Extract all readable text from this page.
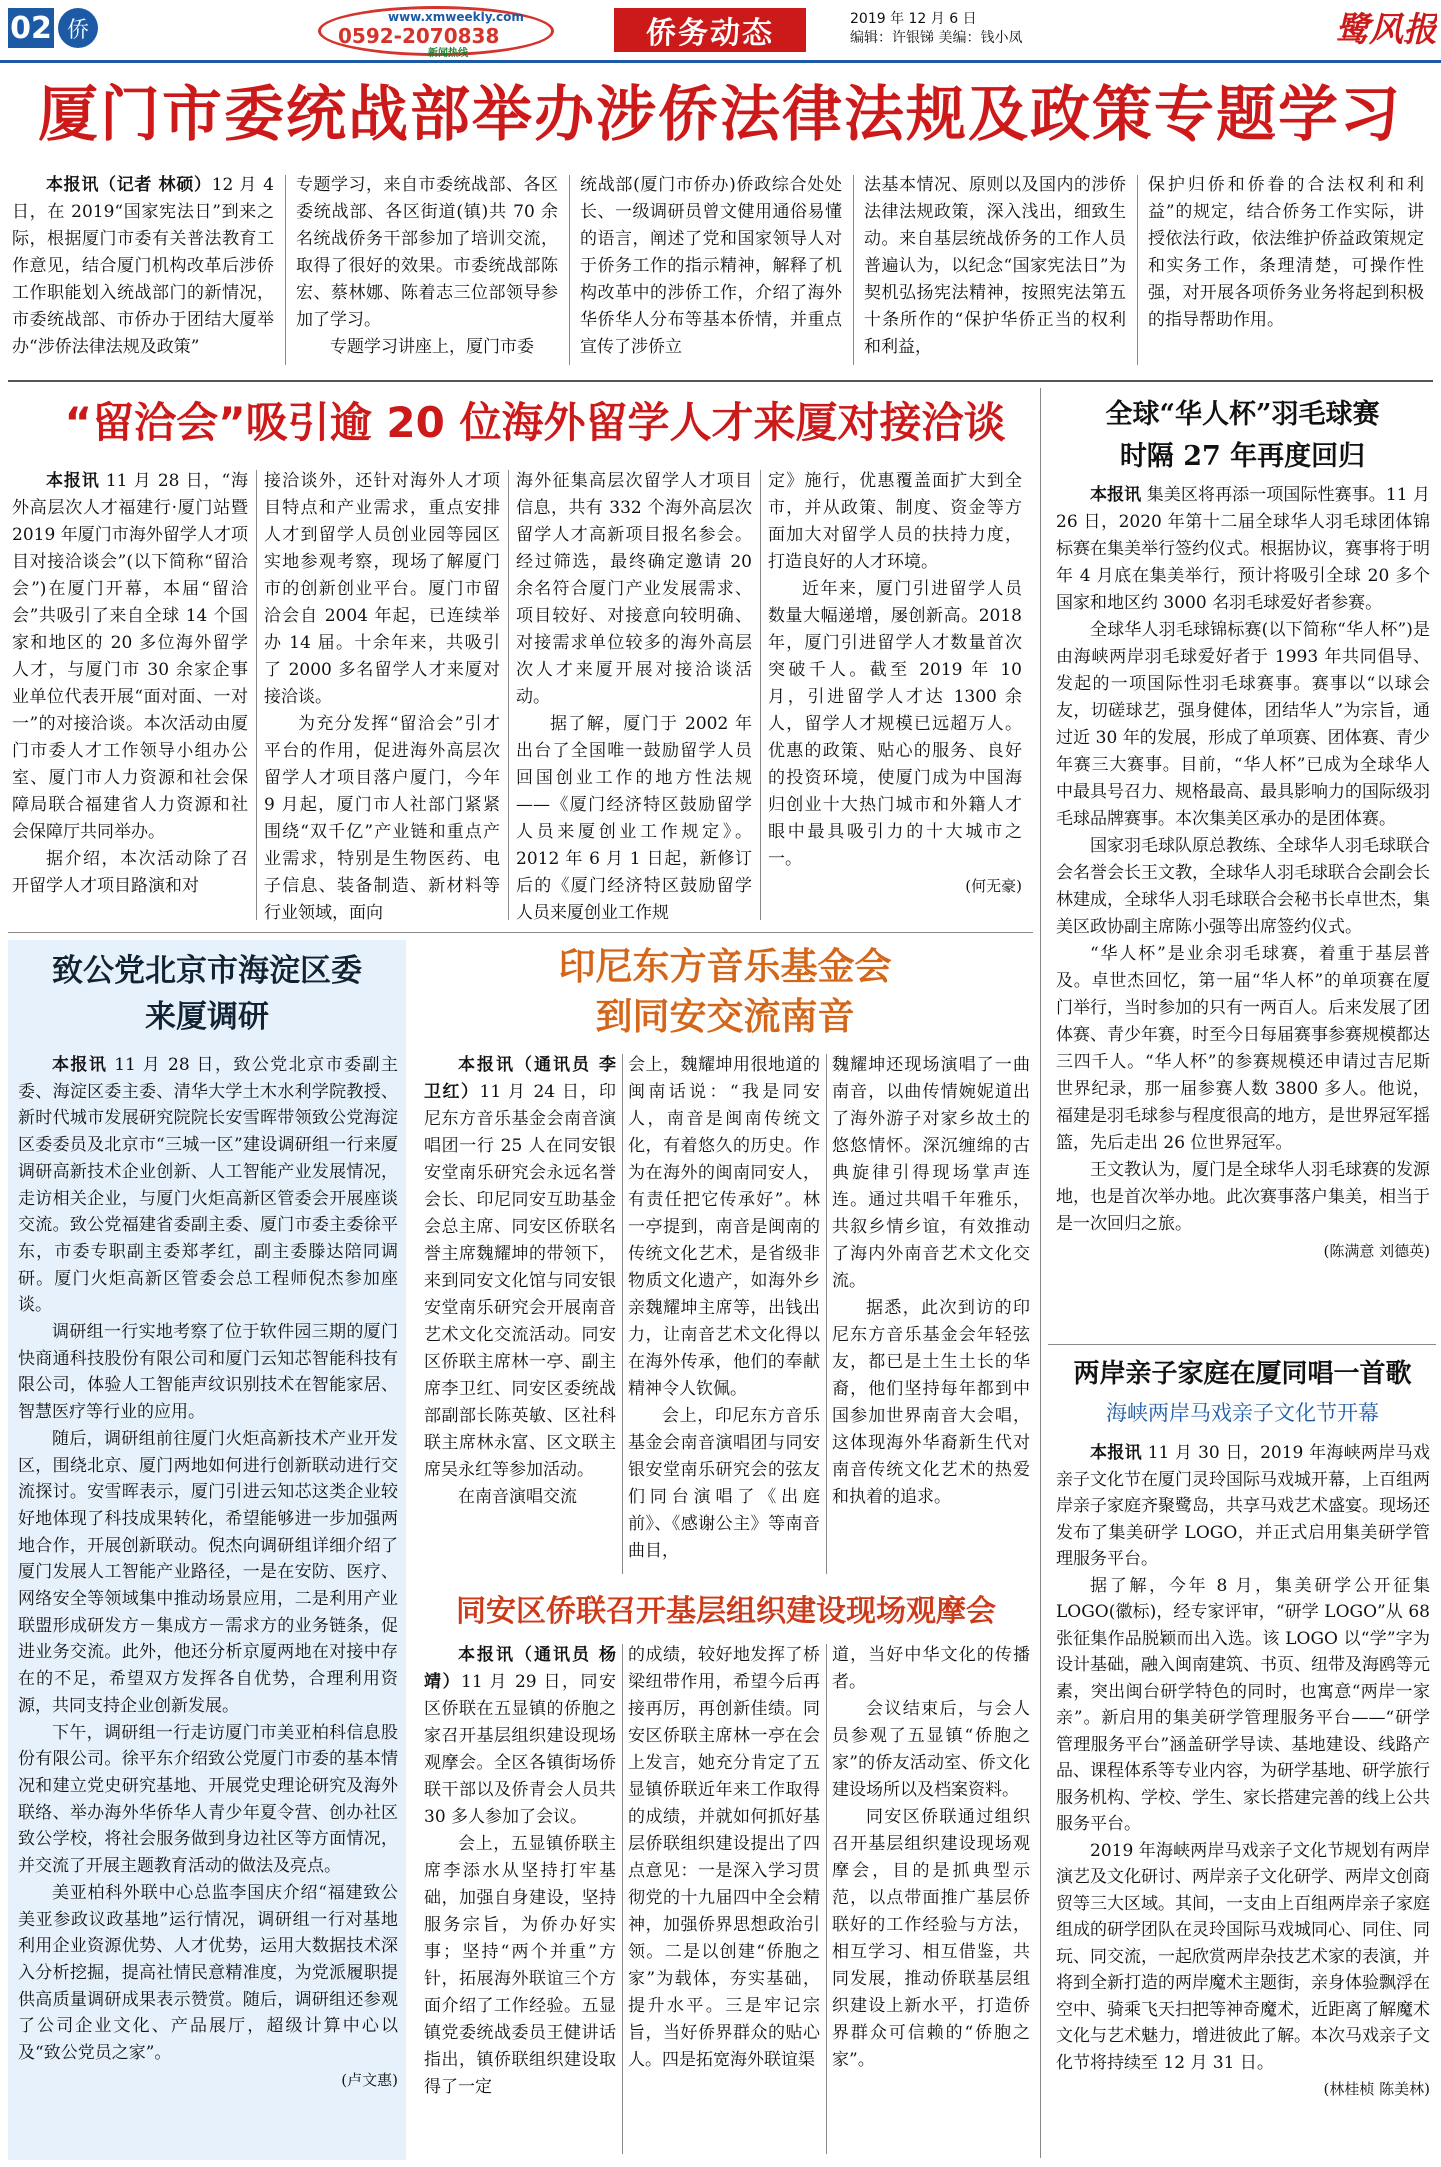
02 侨
www.xmweekly.com
0592-2070838
新闻热线
侨务动态	2019 年 12 月 6 日
编辑：许银锑 美编：钱小凤	鹭风报
厦门市委统战部举办涉侨法律法规及政策专题学习

本报讯（记者 林硕）12 月 4 日，在 2019“国家宪法日”到来之际，根据厦门市委有关普法教育工作意见，结合厦门机构改革后涉侨工作职能划入统战部门的新情况，市委统战部、市侨办于团结大厦举办“涉侨法律法规及政策”

专题学习，来自市委统战部、各区委统战部、各区街道(镇)共 70 余名统战侨务干部参加了培训交流，取得了很好的效果。市委统战部陈宏、蔡林娜、陈着志三位部领导参加了学习。

专题学习讲座上，厦门市委

统战部(厦门市侨办)侨政综合处处长、一级调研员曾文健用通俗易懂的语言，阐述了党和国家领导人对于侨务工作的指示精神，解释了机构改革中的涉侨工作，介绍了海外华侨华人分布等基本侨情，并重点宣传了涉侨立

法基本情况、原则以及国内的涉侨法律法规政策，深入浅出，细致生动。来自基层统战侨务的工作人员普遍认为，以纪念“国家宪法日”为契机弘扬宪法精神，按照宪法第五十条所作的“保护华侨正当的权利和利益，

保护归侨和侨眷的合法权利和利益”的规定，结合侨务工作实际，讲授依法行政，依法维护侨益政策规定和实务工作，条理清楚，可操作性强，对开展各项侨务业务将起到积极的指导帮助作用。

“留洽会”吸引逾 20 位海外留学人才来厦对接洽谈

本报讯 11 月 28 日，“海外高层次人才福建行·厦门站暨 2019 年厦门市海外留学人才项目对接洽谈会”(以下简称“留洽会”)在厦门开幕，本届“留洽会”共吸引了来自全球 14 个国家和地区的 20 多位海外留学人才，与厦门市 30 余家企事业单位代表开展“面对面、一对一”的对接洽谈。本次活动由厦门市委人才工作领导小组办公室、厦门市人力资源和社会保障局联合福建省人力资源和社会保障厅共同举办。

据介绍，本次活动除了召开留学人才项目路演和对

接洽谈外，还针对海外人才项目特点和产业需求，重点安排人才到留学人员创业园等园区实地参观考察，现场了解厦门市的创新创业平台。厦门市留洽会自 2004 年起，已连续举办 14 届。十余年来，共吸引了 2000 多名留学人才来厦对接洽谈。

为充分发挥“留洽会”引才平台的作用，促进海外高层次留学人才项目落户厦门，今年 9 月起，厦门市人社部门紧紧围绕“双千亿”产业链和重点产业需求，特别是生物医药、电子信息、装备制造、新材料等行业领域，面向

海外征集高层次留学人才项目信息，共有 332 个海外高层次留学人才高新项目报名参会。经过筛选，最终确定邀请 20 余名符合厦门产业发展需求、项目较好、对接意向较明确、对接需求单位较多的海外高层次人才来厦开展对接洽谈活动。

据了解，厦门于 2002 年出台了全国唯一鼓励留学人员回国创业工作的地方性法规——《厦门经济特区鼓励留学人员来厦创业工作规定》。2012 年 6 月 1 日起，新修订后的《厦门经济特区鼓励留学人员来厦创业工作规

定》施行，优惠覆盖面扩大到全市，并从政策、制度、资金等方面加大对留学人员的扶持力度，打造良好的人才环境。

近年来，厦门引进留学人员数量大幅递增，屡创新高。2018 年，厦门引进留学人才数量首次突破千人。截至 2019 年 10 月，引进留学人才达 1300 余人，留学人才规模已远超万人。优惠的政策、贴心的服务、良好的投资环境，使厦门成为中国海归创业十大热门城市和外籍人才眼中最具吸引力的十大城市之一。

(何无豪)
全球“华人杯”羽毛球赛
时隔 27 年再度回归

本报讯 集美区将再添一项国际性赛事。11 月 26 日，2020 年第十二届全球华人羽毛球团体锦标赛在集美举行签约仪式。根据协议，赛事将于明年 4 月底在集美举行，预计将吸引全球 20 多个国家和地区约 3000 名羽毛球爱好者参赛。

全球华人羽毛球锦标赛(以下简称“华人杯”)是由海峡两岸羽毛球爱好者于 1993 年共同倡导、发起的一项国际性羽毛球赛事。赛事以“以球会友，切磋球艺，强身健体，团结华人”为宗旨，通过近 30 年的发展，形成了单项赛、团体赛、青少年赛三大赛事。目前，“华人杯”已成为全球华人中最具号召力、规格最高、最具影响力的国际级羽毛球品牌赛事。本次集美区承办的是团体赛。

国家羽毛球队原总教练、全球华人羽毛球联合会名誉会长王文教，全球华人羽毛球联合会副会长林建成，全球华人羽毛球联合会秘书长卓世杰，集美区政协副主席陈小强等出席签约仪式。

“华人杯”是业余羽毛球赛，着重于基层普及。卓世杰回忆，第一届“华人杯”的单项赛在厦门举行，当时参加的只有一两百人。后来发展了团体赛、青少年赛，时至今日每届赛事参赛规模都达三四千人。“华人杯”的参赛规模还申请过吉尼斯世界纪录，那一届参赛人数 3800 多人。他说，福建是羽毛球参与程度很高的地方，是世界冠军摇篮，先后走出 26 位世界冠军。

王文教认为，厦门是全球华人羽毛球赛的发源地，也是首次举办地。此次赛事落户集美，相当于是一次回归之旅。

(陈满意 刘德英)
致公党北京市海淀区委
来厦调研

本报讯 11 月 28 日，致公党北京市委副主委、海淀区委主委、清华大学土木水利学院教授、新时代城市发展研究院院长安雪晖带领致公党海淀区委委员及北京市“三城一区”建设调研组一行来厦调研高新技术企业创新、人工智能产业发展情况，走访相关企业，与厦门火炬高新区管委会开展座谈交流。致公党福建省委副主委、厦门市委主委徐平东，市委专职副主委郑孝红，副主委滕达陪同调研。厦门火炬高新区管委会总工程师倪杰参加座谈。

调研组一行实地考察了位于软件园三期的厦门快商通科技股份有限公司和厦门云知芯智能科技有限公司，体验人工智能声纹识别技术在智能家居、智慧医疗等行业的应用。

随后，调研组前往厦门火炬高新技术产业开发区，围绕北京、厦门两地如何进行创新联动进行交流探讨。安雪晖表示，厦门引进云知芯这类企业较好地体现了科技成果转化，希望能够进一步加强两地合作，开展创新联动。倪杰向调研组详细介绍了厦门发展人工智能产业路径，一是在安防、医疗、网络安全等领域集中推动场景应用，二是利用产业联盟形成研发方－集成方－需求方的业务链条，促进业务交流。此外，他还分析京厦两地在对接中存在的不足，希望双方发挥各自优势，合理利用资源，共同支持企业创新发展。

下午，调研组一行走访厦门市美亚柏科信息股份有限公司。徐平东介绍致公党厦门市委的基本情况和建立党史研究基地、开展党史理论研究及海外联络、举办海外华侨华人青少年夏令营、创办社区致公学校，将社会服务做到身边社区等方面情况，并交流了开展主题教育活动的做法及亮点。

美亚柏科外联中心总监李国庆介绍“福建致公美亚参政议政基地”运行情况，调研组一行对基地利用企业资源优势、人才优势，运用大数据技术深入分析挖掘，提高社情民意精准度，为党派履职提供高质量调研成果表示赞赏。随后，调研组还参观了公司企业文化、产品展厅，超级计算中心以及“致公党员之家”。

(卢文惠)
印尼东方音乐基金会
到同安交流南音

本报讯（通讯员 李卫红）11 月 24 日，印尼东方音乐基金会南音演唱团一行 25 人在同安银安堂南乐研究会永远名誉会长、印尼同安互助基金会总主席、同安区侨联名誉主席魏耀坤的带领下，来到同安文化馆与同安银安堂南乐研究会开展南音艺术文化交流活动。同安区侨联主席林一亭、副主席李卫红、同安区委统战部副部长陈英敏、区社科联主席林永富、区文联主席吴永红等参加活动。

在南音演唱交流

会上，魏耀坤用很地道的闽南话说：“我是同安人，南音是闽南传统文化，有着悠久的历史。作为在海外的闽南同安人，有责任把它传承好”。林一亭提到，南音是闽南的传统文化艺术，是省级非物质文化遗产，如海外乡亲魏耀坤主席等，出钱出力，让南音艺术文化得以在海外传承，他们的奉献精神令人钦佩。

会上，印尼东方音乐基金会南音演唱团与同安银安堂南乐研究会的弦友们同台演唱了《出庭前》、《感谢公主》等南音曲目，

魏耀坤还现场演唱了一曲南音，以曲传情婉妮道出了海外游子对家乡故土的悠悠情怀。深沉缠绵的古典旋律引得现场掌声连连。通过共唱千年雅乐，共叙乡情乡谊，有效推动了海内外南音艺术文化交流。

据悉，此次到访的印尼东方音乐基金会年轻弦友，都已是土生土长的华裔，他们坚持每年都到中国参加世界南音大会唱，这体现海外华裔新生代对南音传统文化艺术的热爱和执着的追求。

同安区侨联召开基层组织建设现场观摩会

本报讯（通讯员 杨靖）11 月 29 日，同安区侨联在五显镇的侨胞之家召开基层组织建设现场观摩会。全区各镇街场侨联干部以及侨青会人员共 30 多人参加了会议。

会上，五显镇侨联主席李添水从坚持打牢基础，加强自身建设，坚持服务宗旨，为侨办好实事；坚持“两个并重”方针，拓展海外联谊三个方面介绍了工作经验。五显镇党委统战委员王健讲话指出，镇侨联组织建设取得了一定

的成绩，较好地发挥了桥梁纽带作用，希望今后再接再厉，再创新佳绩。同安区侨联主席林一亭在会上发言，她充分肯定了五显镇侨联近年来工作取得的成绩，并就如何抓好基层侨联组织建设提出了四点意见：一是深入学习贯彻党的十九届四中全会精神，加强侨界思想政治引领。二是以创建“侨胞之家”为载体，夯实基础，提升水平。三是牢记宗旨，当好侨界群众的贴心人。四是拓宽海外联谊渠

道，当好中华文化的传播者。

会议结束后，与会人员参观了五显镇“侨胞之家”的侨友活动室、侨文化建设场所以及档案资料。

同安区侨联通过组织召开基层组织建设现场观摩会，目的是抓典型示范，以点带面推广基层侨联好的工作经验与方法，相互学习、相互借鉴，共同发展，推动侨联基层组织建设上新水平，打造侨界群众可信赖的“侨胞之家”。

两岸亲子家庭在厦同唱一首歌
海峡两岸马戏亲子文化节开幕

本报讯 11 月 30 日，2019 年海峡两岸马戏亲子文化节在厦门灵玲国际马戏城开幕，上百组两岸亲子家庭齐聚鹭岛，共享马戏艺术盛宴。现场还发布了集美研学 LOGO，并正式启用集美研学管理服务平台。

据了解，今年 8 月，集美研学公开征集 LOGO(徽标)，经专家评审，“研学 LOGO”从 68 张征集作品脱颖而出入选。该 LOGO 以“学”字为设计基础，融入闽南建筑、书页、纽带及海鸥等元素，突出闽台研学特色的同时，也寓意“两岸一家亲”。新启用的集美研学管理服务平台——“研学管理服务平台”涵盖研学导读、基地建设、线路产品、课程体系等专业内容，为研学基地、研学旅行服务机构、学校、学生、家长搭建完善的线上公共服务平台。

2019 年海峡两岸马戏亲子文化节规划有两岸演艺及文化研讨、两岸亲子文化研学、两岸文创商贸等三大区域。其间，一支由上百组两岸亲子家庭组成的研学团队在灵玲国际马戏城同心、同住、同玩、同交流，一起欣赏两岸杂技艺术家的表演，并将到全新打造的两岸魔术主题街，亲身体验飘浮在空中、骑乘飞天扫把等神奇魔术，近距离了解魔术文化与艺术魅力，增进彼此了解。本次马戏亲子文化节将持续至 12 月 31 日。

(林桂桢 陈美林)
